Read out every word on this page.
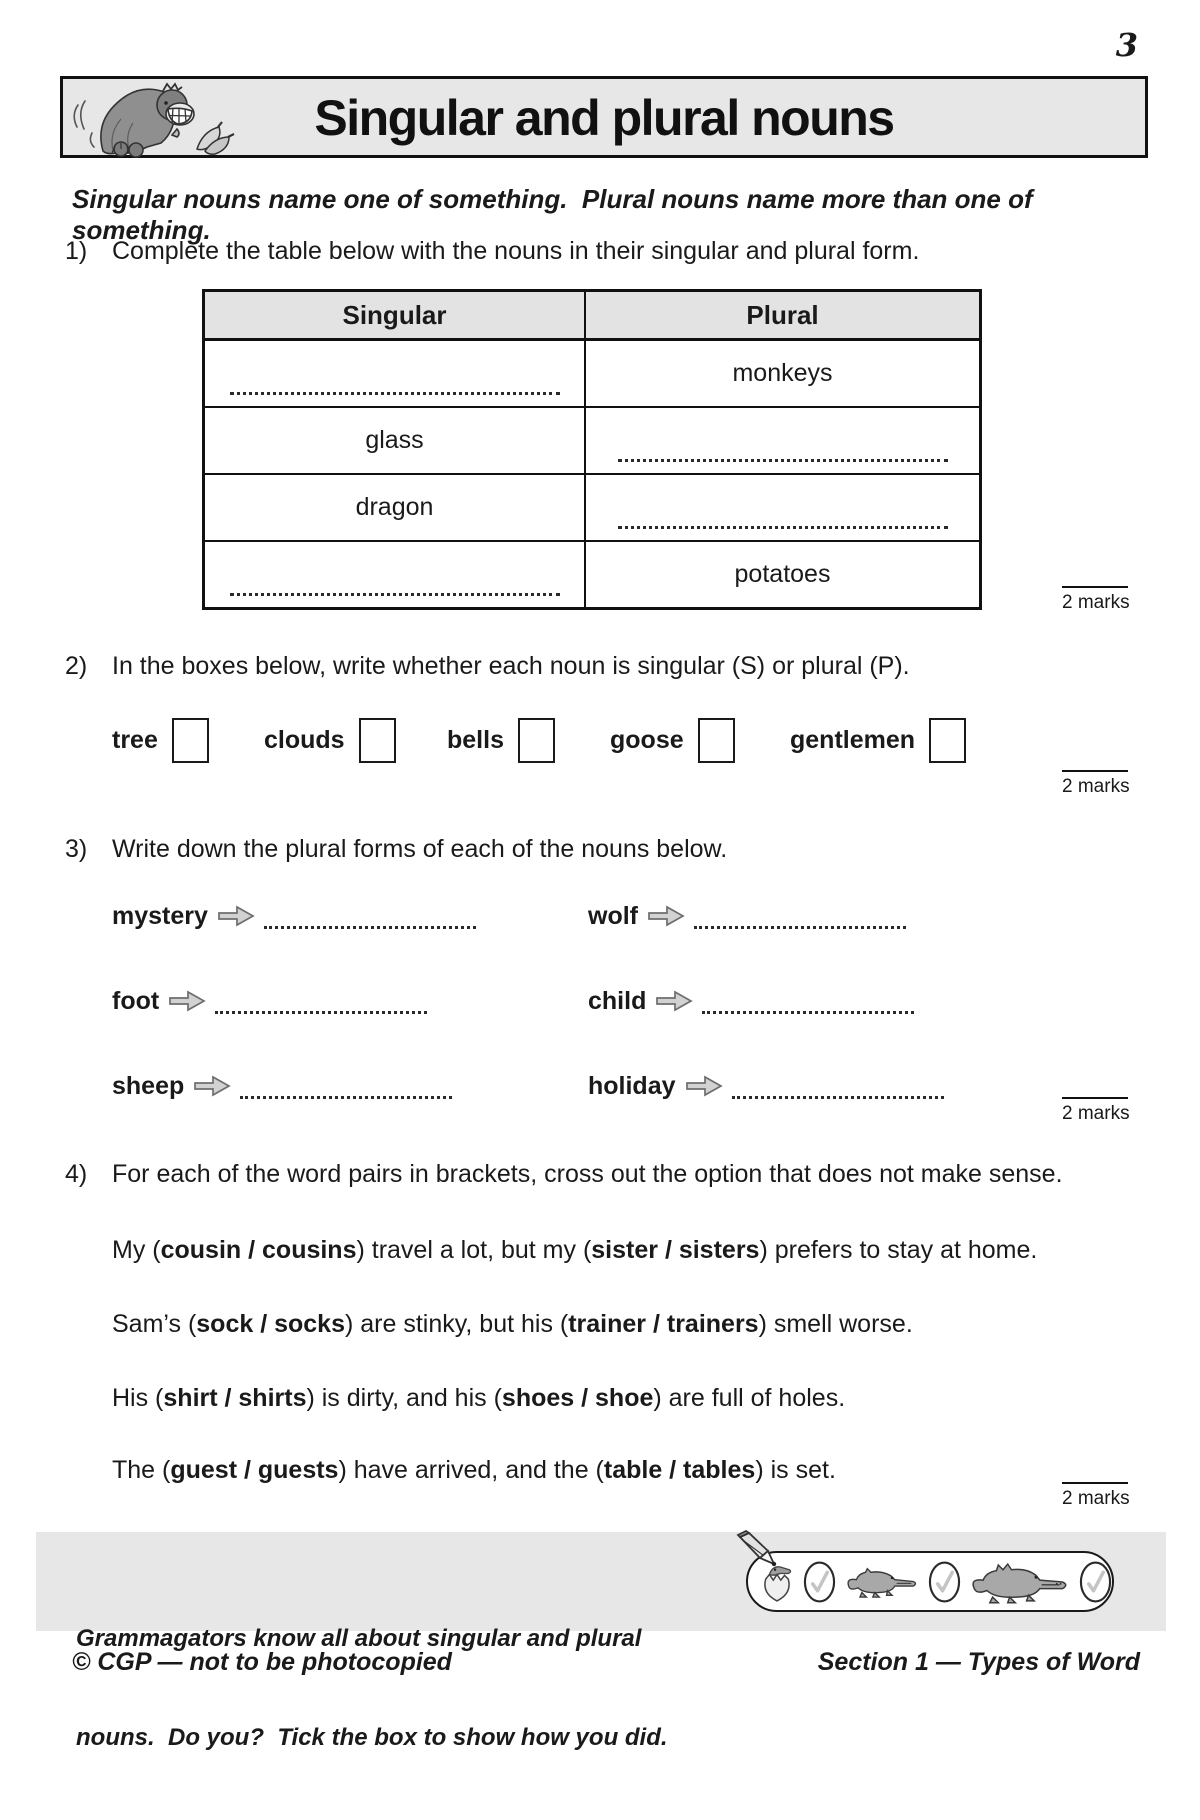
3
Singular and plural nouns
Singular nouns name one of something.  Plural nouns name more than one of something.
1) Complete the table below with the nouns in their singular and plural form.
Singular	Plural
	monkeys
glass	
dragon	
	potatoes
2 marks
2) In the boxes below, write whether each noun is singular (S) or plural (P).
tree	clouds	bells	goose	gentlemen
2 marks
3) Write down the plural forms of each of the nouns below.
mystery	wolf
foot	child
sheep	holiday
2 marks
4) For each of the word pairs in brackets, cross out the option that does not make sense.
My (cousin / cousins) travel a lot, but my (sister / sisters) prefers to stay at home.
Sam’s (sock / socks) are stinky, but his (trainer / trainers) smell worse.
His (shirt / shirts) is dirty, and his (shoes / shoe) are full of holes.
The (guest / guests) have arrived, and the (table / tables) is set.
2 marks

Grammagators know all about singular and plural

nouns.  Do you?  Tick the box to show how you did.

© CGP — not to be photocopied	Section 1 — Types of Word
